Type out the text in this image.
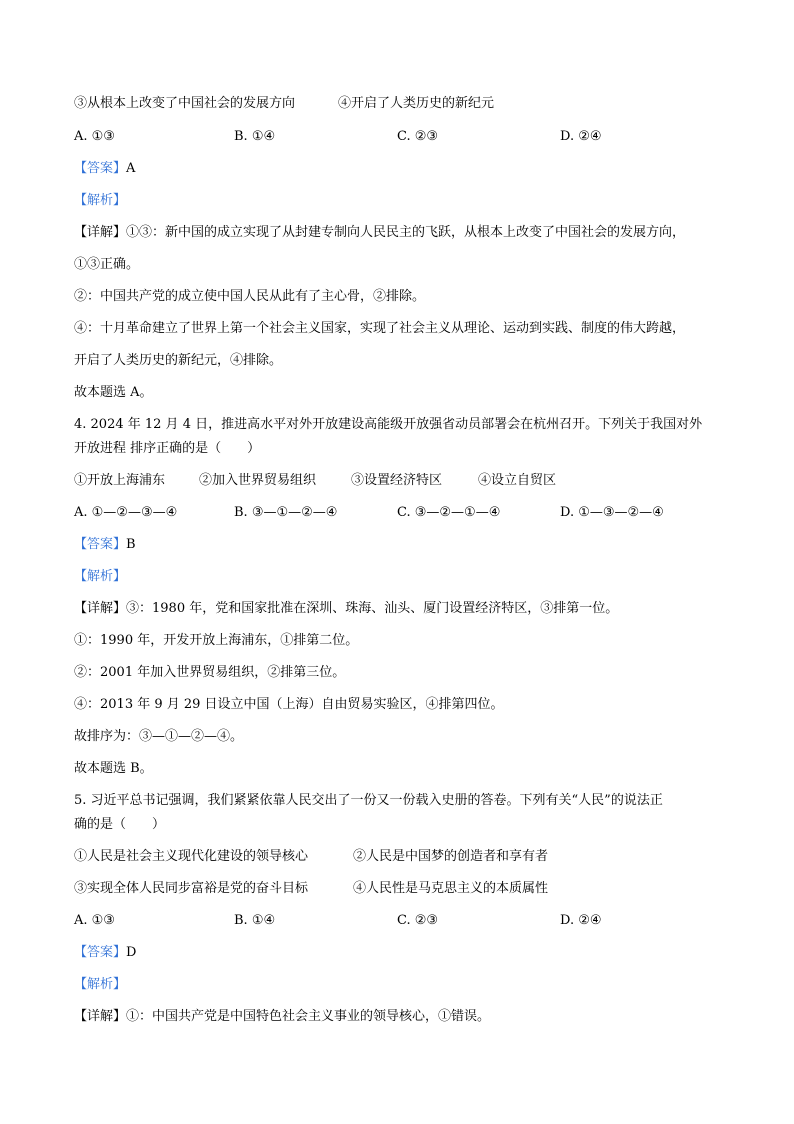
③从根本上改变了中国社会的发展方向	④开启了人类历史的新纪元
A. ①③	B. ①④	C. ②③	D. ②④
【答案】A
【解析】
【详解】①③：新中国的成立实现了从封建专制向人民民主的飞跃，从根本上改变了中国社会的发展方向，
①③正确。
②：中国共产党的成立使中国人民从此有了主心骨，②排除。
④：十月革命建立了世界上第一个社会主义国家，实现了社会主义从理论、运动到实践、制度的伟大跨越，
开启了人类历史的新纪元，④排除。
故本题选 A。
4. 2024 年 12 月 4 日，推进高水平对外开放建设高能级开放强省动员部署会在杭州召开。下列关于我国对外
开放进程 排序正确的是（　　）
①开放上海浦东	②加入世界贸易组织	③设置经济特区	④设立自贸区
A. ①—②—③—④	B. ③—①—②—④	C. ③—②—①—④	D. ①—③—②—④
【答案】B
【解析】
【详解】③：1980 年，党和国家批准在深圳、珠海、汕头、厦门设置经济特区，③排第一位。
①：1990 年，开发开放上海浦东，①排第二位。
②：2001 年加入世界贸易组织，②排第三位。
④：2013 年 9 月 29 日设立中国（上海）自由贸易实验区，④排第四位。
故排序为：③—①—②—④。
故本题选 B。
5. 习近平总书记强调，我们紧紧依靠人民交出了一份又一份载入史册的答卷。下列有关“人民”的说法正
确的是（　　）
①人民是社会主义现代化建设的领导核心	②人民是中国梦的创造者和享有者
③实现全体人民同步富裕是党的奋斗目标	④人民性是马克思主义的本质属性
A. ①③	B. ①④	C. ②③	D. ②④
【答案】D
【解析】
【详解】①：中国共产党是中国特色社会主义事业的领导核心，①错误。
